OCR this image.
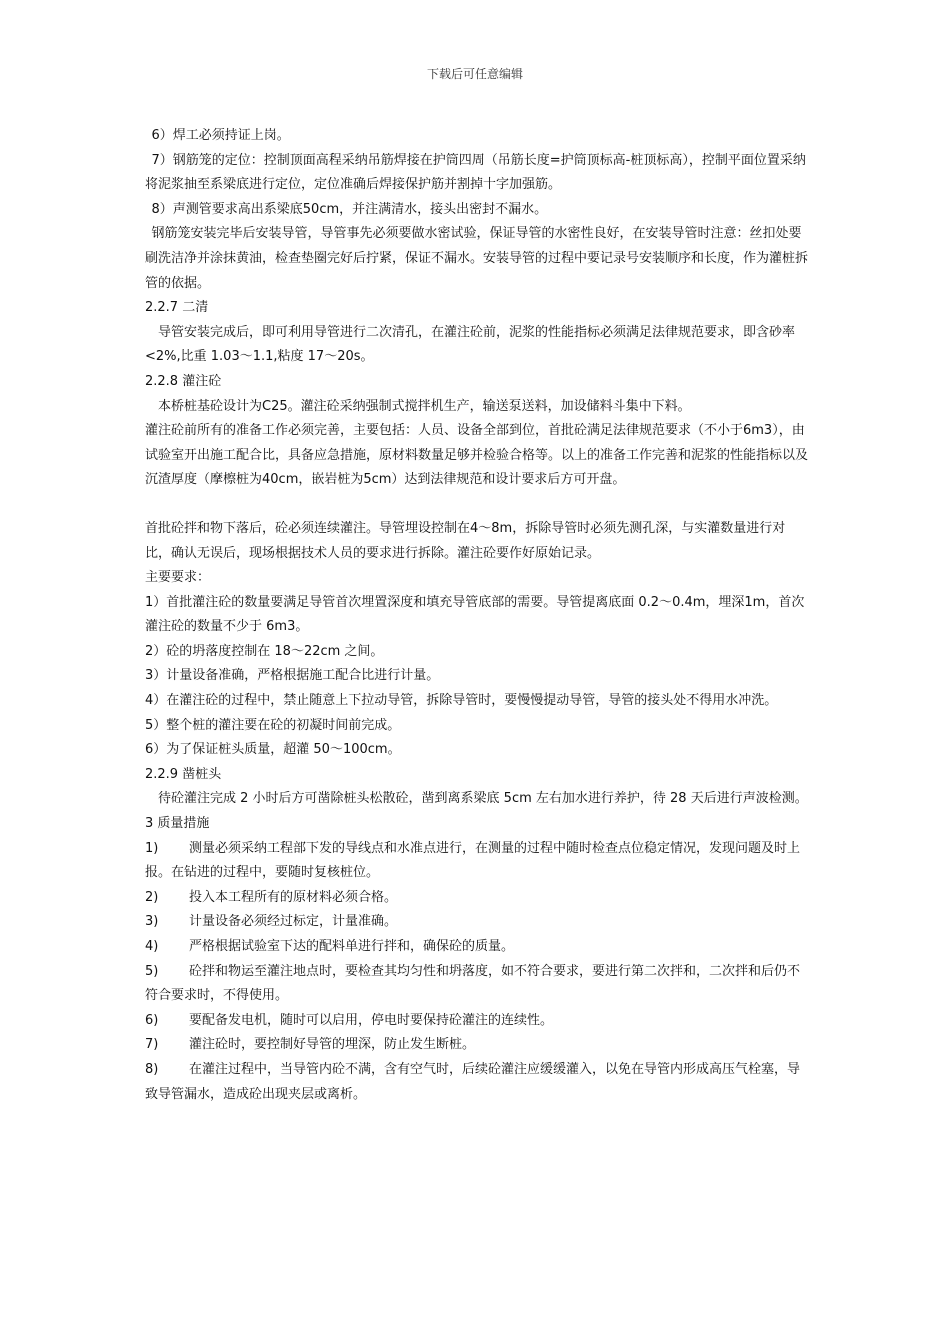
下载后可任意编辑

6）焊工必须持证上岗。

7）钢筋笼的定位：控制顶面高程采纳吊筋焊接在护筒四周（吊筋长度=护筒顶标高-桩顶标高），控制平面位置采纳将泥浆抽至系梁底进行定位，定位准确后焊接保护筋并割掉十字加强筋。

8）声测管要求高出系梁底50cm，并注满清水，接头出密封不漏水。

钢筋笼安装完毕后安装导管，导管事先必须要做水密试验，保证导管的水密性良好，在安装导管时注意：丝扣处要刷洗洁净并涂抹黄油，检查垫圈完好后拧紧，保证不漏水。安装导管的过程中要记录号安装顺序和长度，作为灌桩拆管的依据。

2.2.7 二清

导管安装完成后，即可利用导管进行二次清孔，在灌注砼前，泥浆的性能指标必须满足法律规范要求，即含砂率<2%,比重 1.03～1.1,粘度 17～20s。

2.2.8 灌注砼

本桥桩基砼设计为C25。灌注砼采纳强制式搅拌机生产，输送泵送料，加设储料斗集中下料。

灌注砼前所有的准备工作必须完善，主要包括：人员、设备全部到位，首批砼满足法律规范要求（不小于6m3），由试验室开出施工配合比，具备应急措施，原材料数量足够并检验合格等。以上的准备工作完善和泥浆的性能指标以及沉渣厚度（摩檫桩为40cm，嵌岩桩为5cm）达到法律规范和设计要求后方可开盘。

首批砼拌和物下落后，砼必须连续灌注。导管埋设控制在4～8m，拆除导管时必须先测孔深，与实灌数量进行对比，确认无误后，现场根据技术人员的要求进行拆除。灌注砼要作好原始记录。

主要要求：

1）首批灌注砼的数量要满足导管首次埋置深度和填充导管底部的需要。导管提离底面 0.2～0.4m，埋深1m，首次灌注砼的数量不少于 6m3。

2）砼的坍落度控制在 18～22cm 之间。

3）计量设备准确，严格根据施工配合比进行计量。

4）在灌注砼的过程中，禁止随意上下拉动导管，拆除导管时，要慢慢提动导管，导管的接头处不得用水冲洗。

5）整个桩的灌注要在砼的初凝时间前完成。

6）为了保证桩头质量，超灌 50～100cm。

2.2.9 凿桩头

待砼灌注完成 2 小时后方可凿除桩头松散砼，凿到离系梁底 5cm 左右加水进行养护，待 28 天后进行声波检测。

3 质量措施

1) 测量必须采纳工程部下发的导线点和水准点进行，在测量的过程中随时检查点位稳定情况，发现问题及时上报。在钻进的过程中，要随时复核桩位。

2) 投入本工程所有的原材料必须合格。

3) 计量设备必须经过标定，计量准确。

4) 严格根据试验室下达的配料单进行拌和，确保砼的质量。

5) 砼拌和物运至灌注地点时，要检查其均匀性和坍落度，如不符合要求，要进行第二次拌和，二次拌和后仍不符合要求时，不得使用。

6) 要配备发电机，随时可以启用，停电时要保持砼灌注的连续性。

7) 灌注砼时，要控制好导管的埋深，防止发生断桩。

8) 在灌注过程中，当导管内砼不满，含有空气时，后续砼灌注应缓缓灌入，以免在导管内形成高压气栓塞，导致导管漏水，造成砼出现夹层或离析。
